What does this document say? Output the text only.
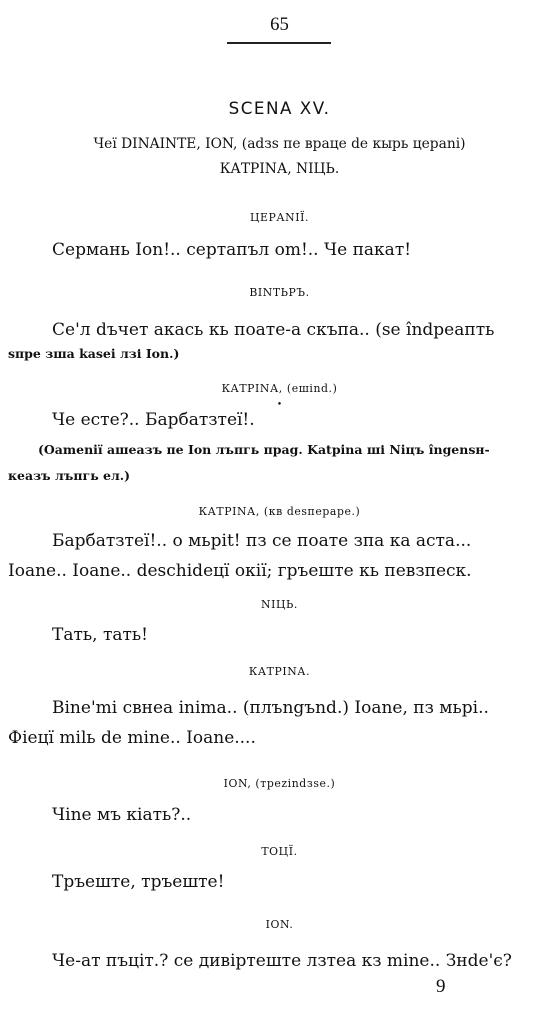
65
SCENA XV.
Чеї DINAINTE, IОN, (adзs пе враце de кырь цераnі)
КАТРІNА, NIЦЬ.
ЦЕРАNІЇ.
Сермань Ion!.. сертапъл оm!.. Че пакат!
ВІNТЬРЪ.
Се'л dъчет акась кь поате-а скъпа.. (se îndpeaпть
sпре зша kasei лзі Ion.)
КАТРІNА, (ешіnd.)
•
Че есте?.. Барбатзтеї!.
(Oameniї ашеазъ пе Ion лъпгь праg. Katpina ші Niцъ îngensн-
кеазъ лъпгь ел.)
КАТРІNА, (кв desпераре.)
Барбатзтеї!.. о мьріt! пз се поате зпа ка аста...
Ioane.. Ioane.. deschideцї окії; гръеште кь певзпеск.
NIЦЬ.
Тать, тать!
КАТРІNА.
Bine'mi свнеа іnima.. (плъngъnd.) Ioane, пз мьрі..
Фіецї milь de mine.. Ioane....
ІОN, (трezindзse.)
Чіne мъ кіать?..
ТОЦЇ.
Тръеште, тръеште!
ІОN.
Че-ат пъціт.? се дивіртеште лзтеа кз mine.. Знde'є?
9
